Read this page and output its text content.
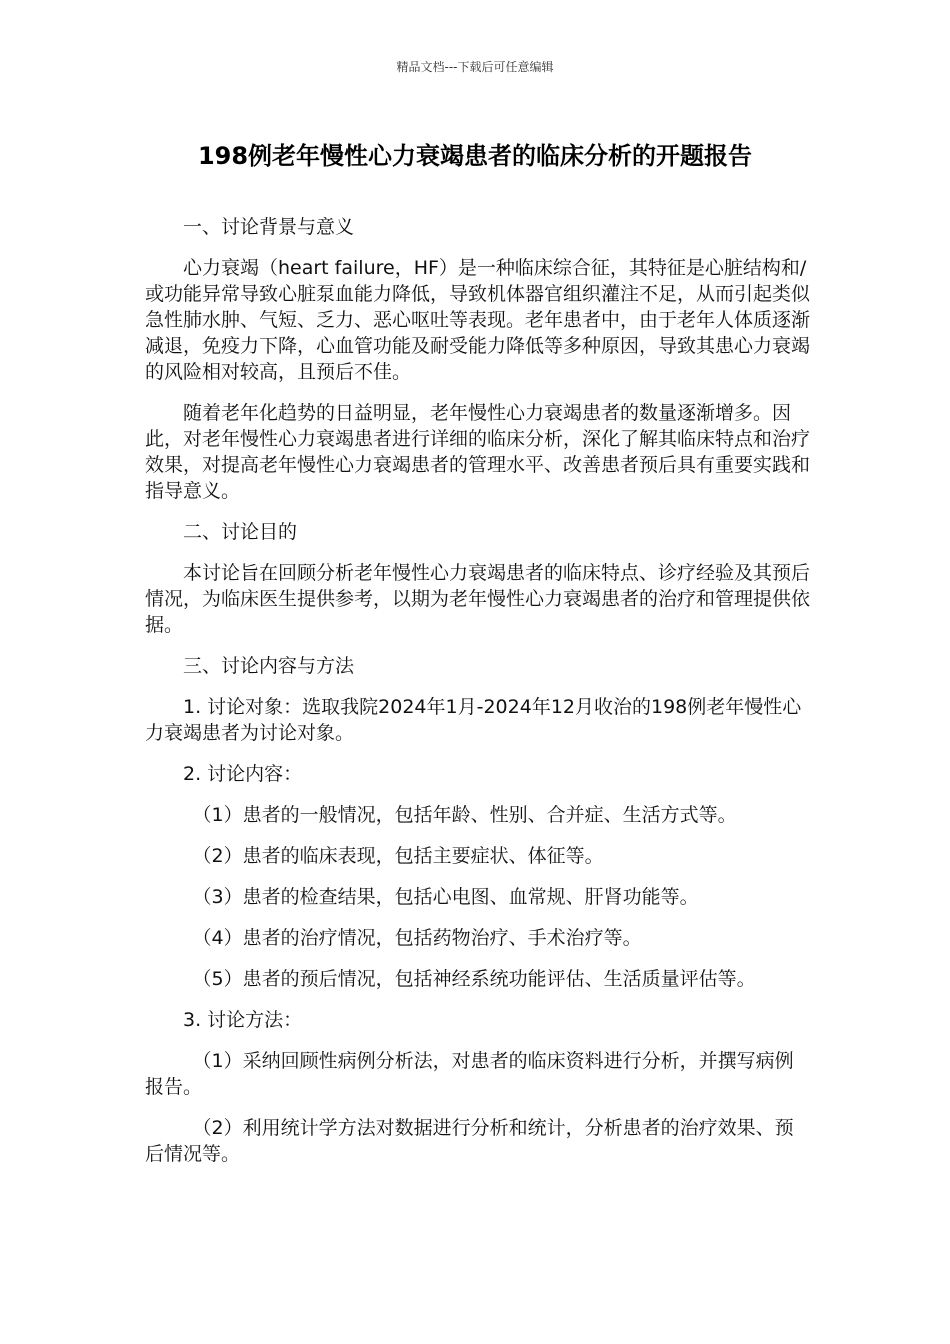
精品文档---下载后可任意编辑
198例老年慢性心力衰竭患者的临床分析的开题报告

一、讨论背景与意义

心力衰竭（heart failure，HF）是一种临床综合征，其特征是心脏结构和/或功能异常导致心脏泵血能力降低，导致机体器官组织灌注不足，从而引起类似急性肺水肿、气短、乏力、恶心呕吐等表现。老年患者中，由于老年人体质逐渐减退，免疫力下降，心血管功能及耐受能力降低等多种原因，导致其患心力衰竭的风险相对较高，且预后不佳。

随着老年化趋势的日益明显，老年慢性心力衰竭患者的数量逐渐增多。因此，对老年慢性心力衰竭患者进行详细的临床分析，深化了解其临床特点和治疗效果，对提高老年慢性心力衰竭患者的管理水平、改善患者预后具有重要实践和指导意义。

二、讨论目的

本讨论旨在回顾分析老年慢性心力衰竭患者的临床特点、诊疗经验及其预后情况，为临床医生提供参考，以期为老年慢性心力衰竭患者的治疗和管理提供依据。

三、讨论内容与方法

1. 讨论对象：选取我院2024年1月-2024年12月收治的198例老年慢性心力衰竭患者为讨论对象。

2. 讨论内容：

（1）患者的一般情况，包括年龄、性别、合并症、生活方式等。

（2）患者的临床表现，包括主要症状、体征等。

（3）患者的检查结果，包括心电图、血常规、肝肾功能等。

（4）患者的治疗情况，包括药物治疗、手术治疗等。

（5）患者的预后情况，包括神经系统功能评估、生活质量评估等。

3. 讨论方法：

（1）采纳回顾性病例分析法，对患者的临床资料进行分析，并撰写病例报告。

（2）利用统计学方法对数据进行分析和统计，分析患者的治疗效果、预后情况等。
